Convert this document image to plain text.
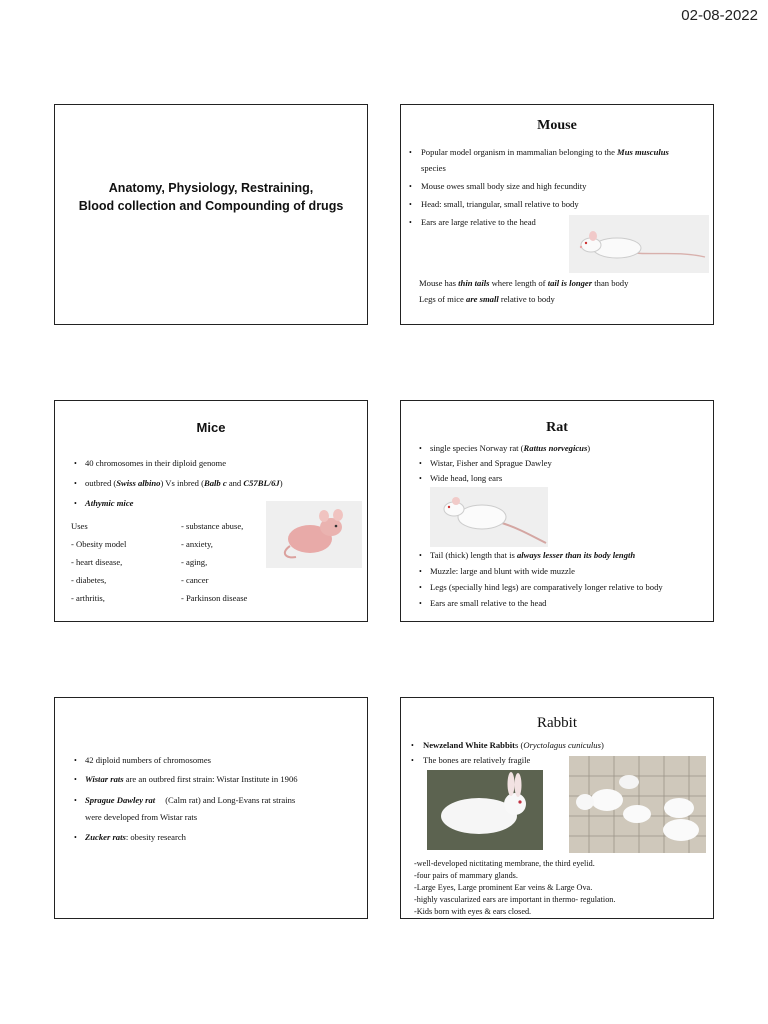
02-08-2022
Anatomy, Physiology, Restraining,
Blood collection and Compounding of drugs
Mouse
• Popular model organism in mammalian belonging to the Mus musculus
species
• Mouse owes small body size and high fecundity
• Head: small, triangular, small relative to body
• Ears are large relative to the head
Mouse has thin tails where length of tail is longer than body
Legs of mice are small relative to body
Mice
• 40 chromosomes in their diploid genome
• outbred (Swiss albino) Vs inbred (Balb c and C57BL/6J)
• Athymic mice
Uses
- Obesity model
- heart disease,
- diabetes,
- arthritis,
- substance abuse,
- anxiety,
- aging,
- cancer
- Parkinson disease
Rat
• single species Norway rat (Rattus norvegicus)
• Wistar, Fisher and Sprague Dawley
• Wide head, long ears
• Tail (thick) length that is always lesser than its body length
• Muzzle: large and blunt with wide muzzle
• Legs (specially hind legs) are comparatively longer relative to body
• Ears are small relative to the head
• 42 diploid numbers of chromosomes
• Wistar rats are an outbred first strain: Wistar Institute in 1906
• Sprague Dawley rat (Calm rat) and Long-Evans rat strains
were developed from Wistar rats
• Zucker rats: obesity research
Rabbit
• Newzeland White Rabbits (Oryctolagus cuniculus)
• The bones are relatively fragile
-well-developed nictitating membrane, the third eyelid.
-four pairs of mammary glands.
-Large Eyes, Large prominent Ear veins & Large Ova.
-highly vascularized ears are important in thermo- regulation.
-Kids born with eyes & ears closed.
